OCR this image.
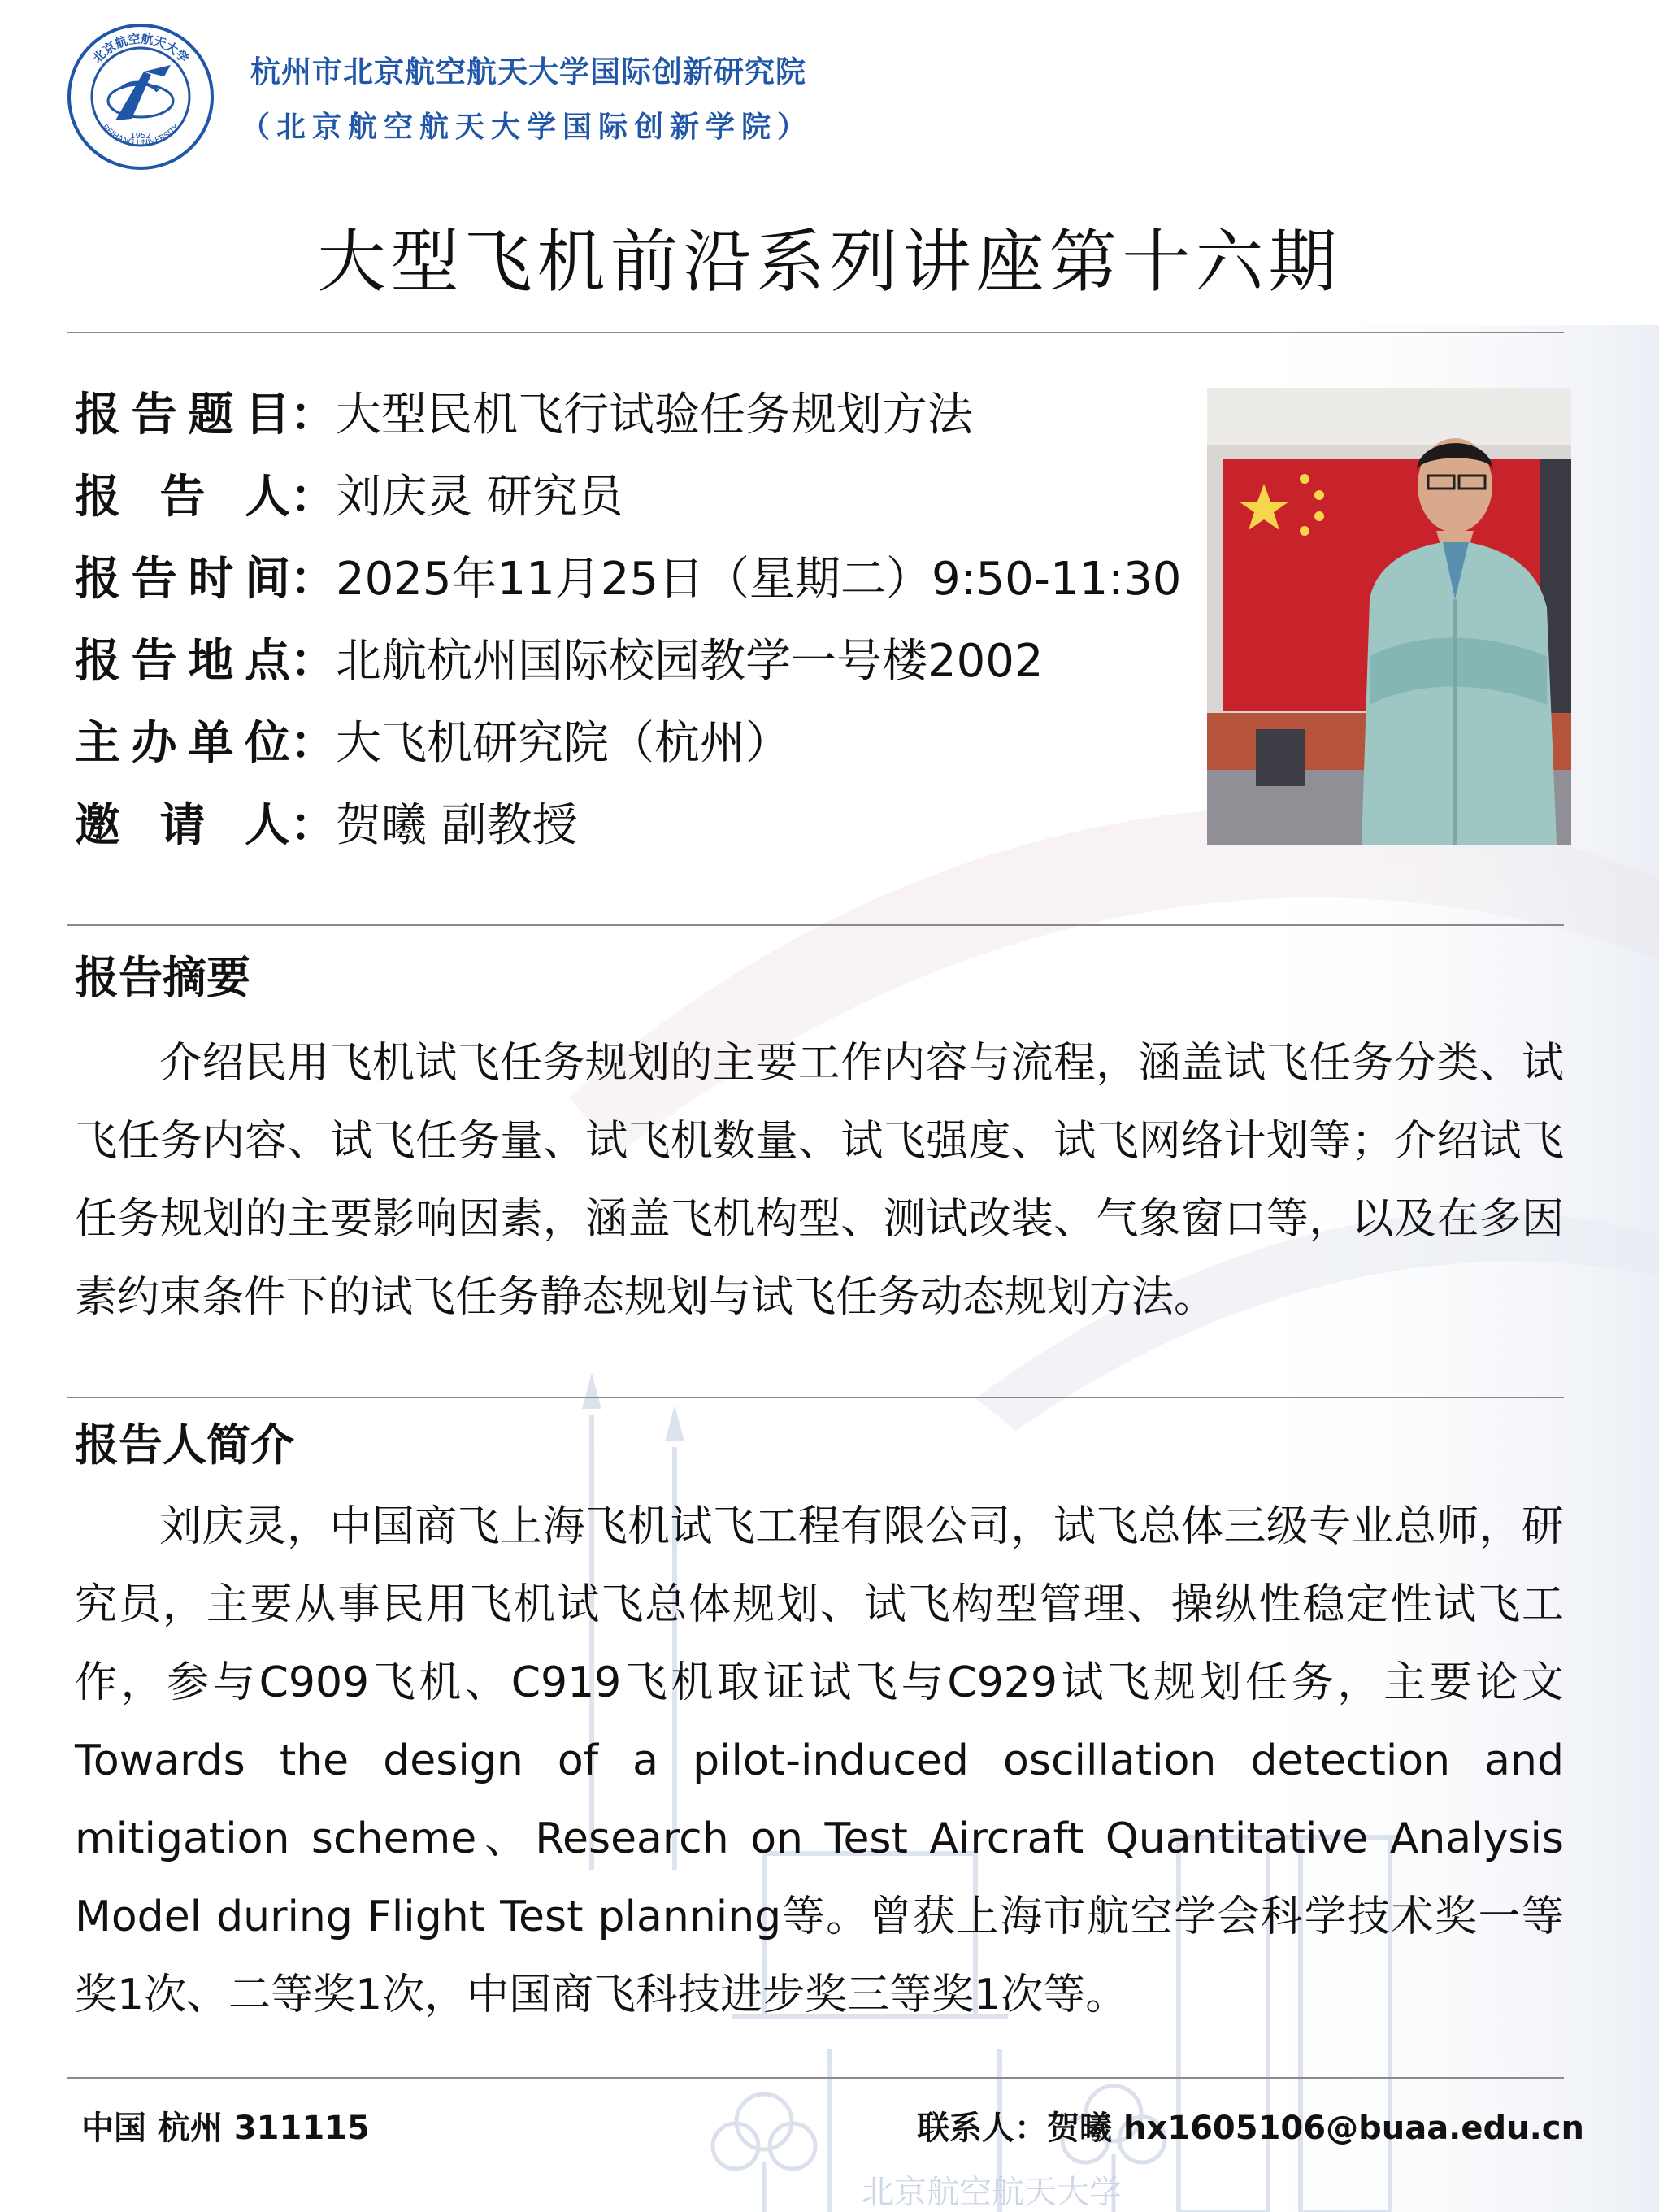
北京航空航天大学
北京航空航天大学
BEIHANG UNIVERSITY
1952
杭州市北京航空航天大学国际创新研究院
（北京航空航天大学国际创新学院）
大型飞机前沿系列讲座第十六期
报 告 题 目 ： 大型民机飞行试验任务规划方法
报 告 人 ： 刘庆灵 研究员
报 告 时 间 ： 2025年11月25日（星期二）9:50-11:30
报 告 地 点 ： 北航杭州国际校园教学一号楼2002
主 办 单 位 ： 大飞机研究院（杭州）
邀 请 人 ： 贺曦 副教授
报告摘要
介绍民用飞机试飞任务规划的主要工作内容与流程，涵盖试飞任务分类、试飞任务内容、试飞任务量、试飞机数量、试飞强度、试飞网络计划等；介绍试飞任务规划的主要影响因素，涵盖飞机构型、测试改装、气象窗口等，以及在多因素约束条件下的试飞任务静态规划与试飞任务动态规划方法。
报告人简介
刘庆灵，中国商飞上海飞机试飞工程有限公司，试飞总体三级专业总师，研究员，主要从事民用飞机试飞总体规划、试飞构型管理、操纵性稳定性试飞工作，参与C909飞机、C919飞机取证试飞与C929试飞规划任务，主要论文Towards the design of a pilot-induced oscillation detection and mitigation scheme、Research on Test Aircraft Quantitative Analysis Model during Flight Test planning等。曾获上海市航空学会科学技术奖一等奖1次、二等奖1次，中国商飞科技进步奖三等奖1次等。
中国 杭州 311115	联系人：贺曦 hx1605106@buaa.edu.cn
